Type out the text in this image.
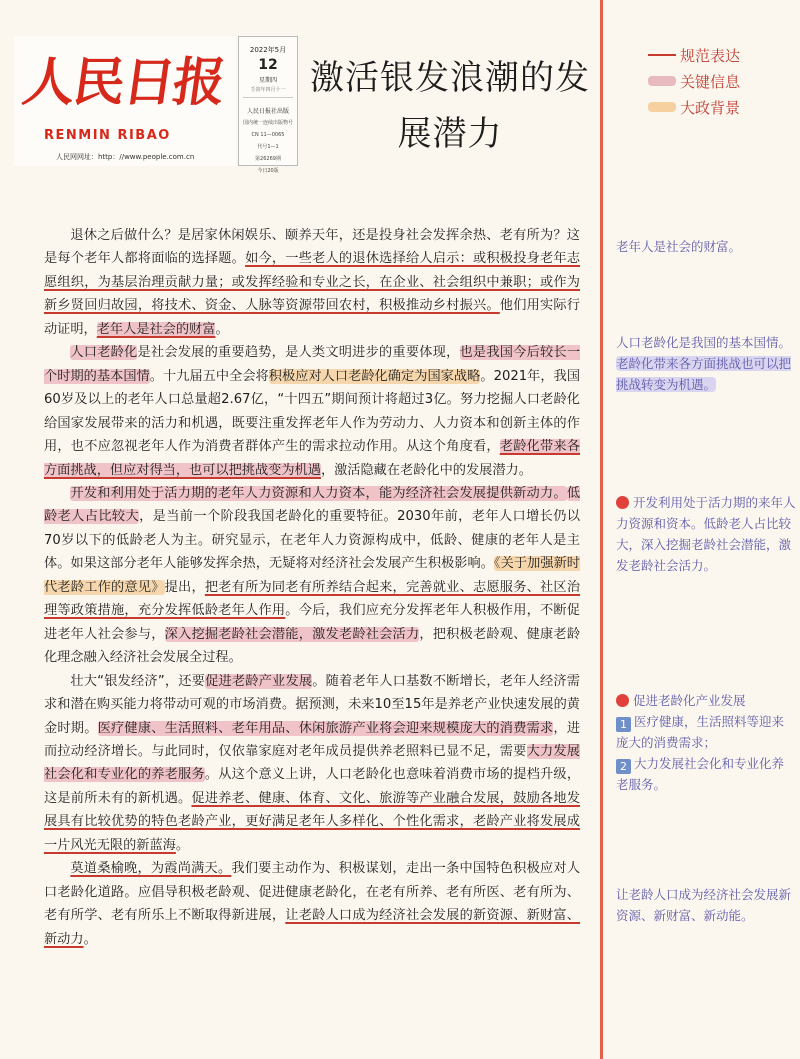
人民日报
RENMIN RIBAO
人民网网址：http：//www.people.com.cn
2022年5月
12
星期四
壬寅年四月十一
人民日报社出版
国内统一连续出版物号
CN 11—0065
代号1—1
第26269期
今日20版
激活银发浪潮的发展潜力
规范表达
关键信息
大政背景

退休之后做什么？是居家休闲娱乐、颐养天年，还是投身社会发挥余热、老有所为？这是每个老年人都将面临的选择题。如今，一些老人的退休选择给人启示：或积极投身老年志愿组织，为基层治理贡献力量；或发挥经验和专业之长，在企业、社会组织中兼职；或作为新乡贤回归故园，将技术、资金、人脉等资源带回农村，积极推动乡村振兴。他们用实际行动证明，老年人是社会的财富。

人口老龄化是社会发展的重要趋势，是人类文明进步的重要体现，也是我国今后较长一个时期的基本国情。十九届五中全会将积极应对人口老龄化确定为国家战略。2021年，我国60岁及以上的老年人口总量超2.67亿，“十四五”期间预计将超过3亿。努力挖掘人口老龄化给国家发展带来的活力和机遇，既要注重发挥老年人作为劳动力、人力资本和创新主体的作用，也不应忽视老年人作为消费者群体产生的需求拉动作用。从这个角度看，老龄化带来各方面挑战，但应对得当，也可以把挑战变为机遇，激活隐藏在老龄化中的发展潜力。

开发和利用处于活力期的老年人力资源和人力资本，能为经济社会发展提供新动力。低龄老人占比较大，是当前一个阶段我国老龄化的重要特征。2030年前，老年人口增长仍以70岁以下的低龄老人为主。研究显示，在老年人力资源构成中，低龄、健康的老年人是主体。如果这部分老年人能够发挥余热，无疑将对经济社会发展产生积极影响。《关于加强新时代老龄工作的意见》提出，把老有所为同老有所养结合起来，完善就业、志愿服务、社区治理等政策措施，充分发挥低龄老年人作用。今后，我们应充分发挥老年人积极作用，不断促进老年人社会参与，深入挖掘老龄社会潜能，激发老龄社会活力，把积极老龄观、健康老龄化理念融入经济社会发展全过程。

壮大“银发经济”，还要促进老龄产业发展。随着老年人口基数不断增长，老年人经济需求和潜在购买能力将带动可观的市场消费。据预测，未来10至15年是养老产业快速发展的黄金时期。医疗健康、生活照料、老年用品、休闲旅游产业将会迎来规模庞大的消费需求，进而拉动经济增长。与此同时，仅依靠家庭对老年成员提供养老照料已显不足，需要大力发展社会化和专业化的养老服务。从这个意义上讲，人口老龄化也意味着消费市场的提档升级，这是前所未有的新机遇。促进养老、健康、体育、文化、旅游等产业融合发展，鼓励各地发展具有比较优势的特色老龄产业，更好满足老年人多样化、个性化需求，老龄产业将发展成一片风光无限的新蓝海。

莫道桑榆晚，为霞尚满天。我们要主动作为、积极谋划，走出一条中国特色积极应对人口老龄化道路。应倡导积极老龄观、促进健康老龄化，在老有所养、老有所医、老有所为、老有所学、老有所乐上不断取得新进展，让老龄人口成为经济社会发展的新资源、新财富、新动力。

老年人是社会的财富。
人口老龄化是我国的基本国情。
老龄化带来各方面挑战也可以把挑战转变为机遇。
开发利用处于活力期的来年人力资源和资本。低龄老人占比较大，深入挖掘老龄社会潜能，激发老龄社会活力。
促进老龄化产业发展
1 医疗健康，生活照料等迎来庞大的消费需求；
2 大力发展社会化和专业化养老服务。
让老龄人口成为经济社会发展新资源、新财富、新动能。
